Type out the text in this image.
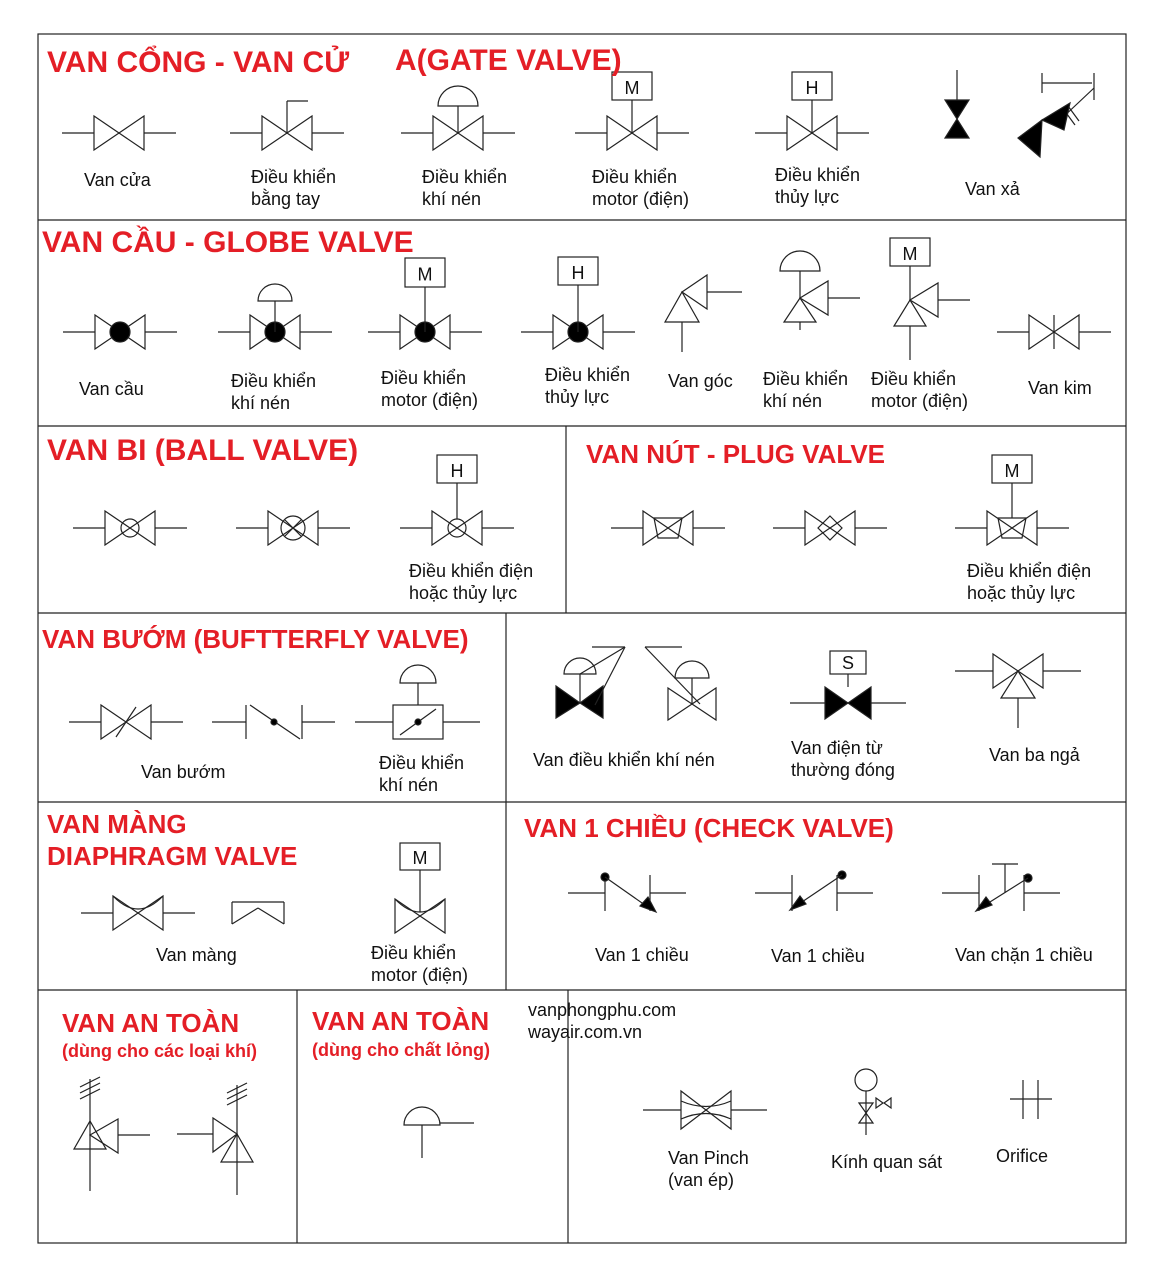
VAN CỔNG - VAN CỬ A(GATE VALVE)
VAN CẦU - GLOBE VALVE
VAN BI (BALL VALVE)	VAN NÚT - PLUG VALVE
VAN BƯỚM (BUFTTERFLY VALVE)
VAN MÀNG
DIAPHRAGM VALVE
VAN 1 CHIỀU (CHECK VALVE)
VAN AN TOÀN
(dùng cho các loại khí)
VAN AN TOÀN
(dùng cho chất lỏng)
vanphongphu.com
wayair.com.vn
Van cửa	Điều khiển
bằng tay
Điều khiển
khí nén
M
Điều khiển
motor (điện)
H
Điều khiển
thủy lực	Van xả
Van cầu	Điều khiển
khí nén
M
Điều khiển
motor (điện)
H
Điều khiển
thủy lực
Van góc Điều khiển
khí nén
M
Điều khiển
motor (điện)
Van kim
H
Điều khiển điện
hoặc thủy lực
M
Điều khiển điện
hoặc thủy lực
Van bướm	Điều khiển
khí nén
Van điều khiển khí nén
S
Van điện từ
thường đóng
Van ba ngả
Van màng
M
Điều khiển
motor (điện)
Van 1 chiều	Van 1 chiều	Van chặn 1 chiều
Van Pinch
(van ép)
Kính quan sát	Orifice
